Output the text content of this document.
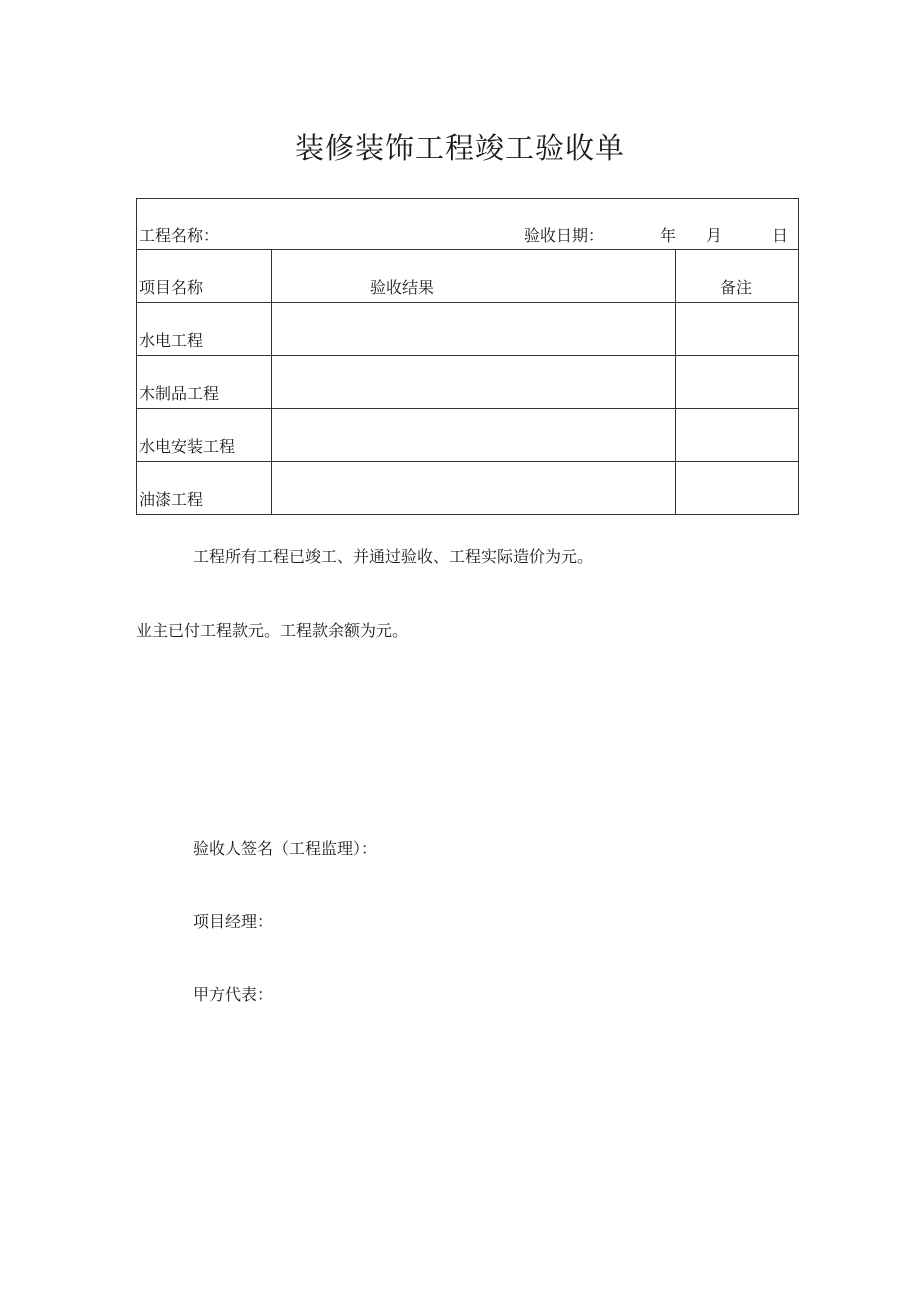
装修装饰工程竣工验收单
工程名称： 验收日期： 年 月 日		

项目名称	验收结果	备注
水电工程		
木制品工程		
水电安装工程		
油漆工程		
工程所有工程已竣工、并通过验收、工程实际造价为元。
业主已付工程款元。工程款余额为元。
验收人签名（工程监理）：
项目经理：
甲方代表：
